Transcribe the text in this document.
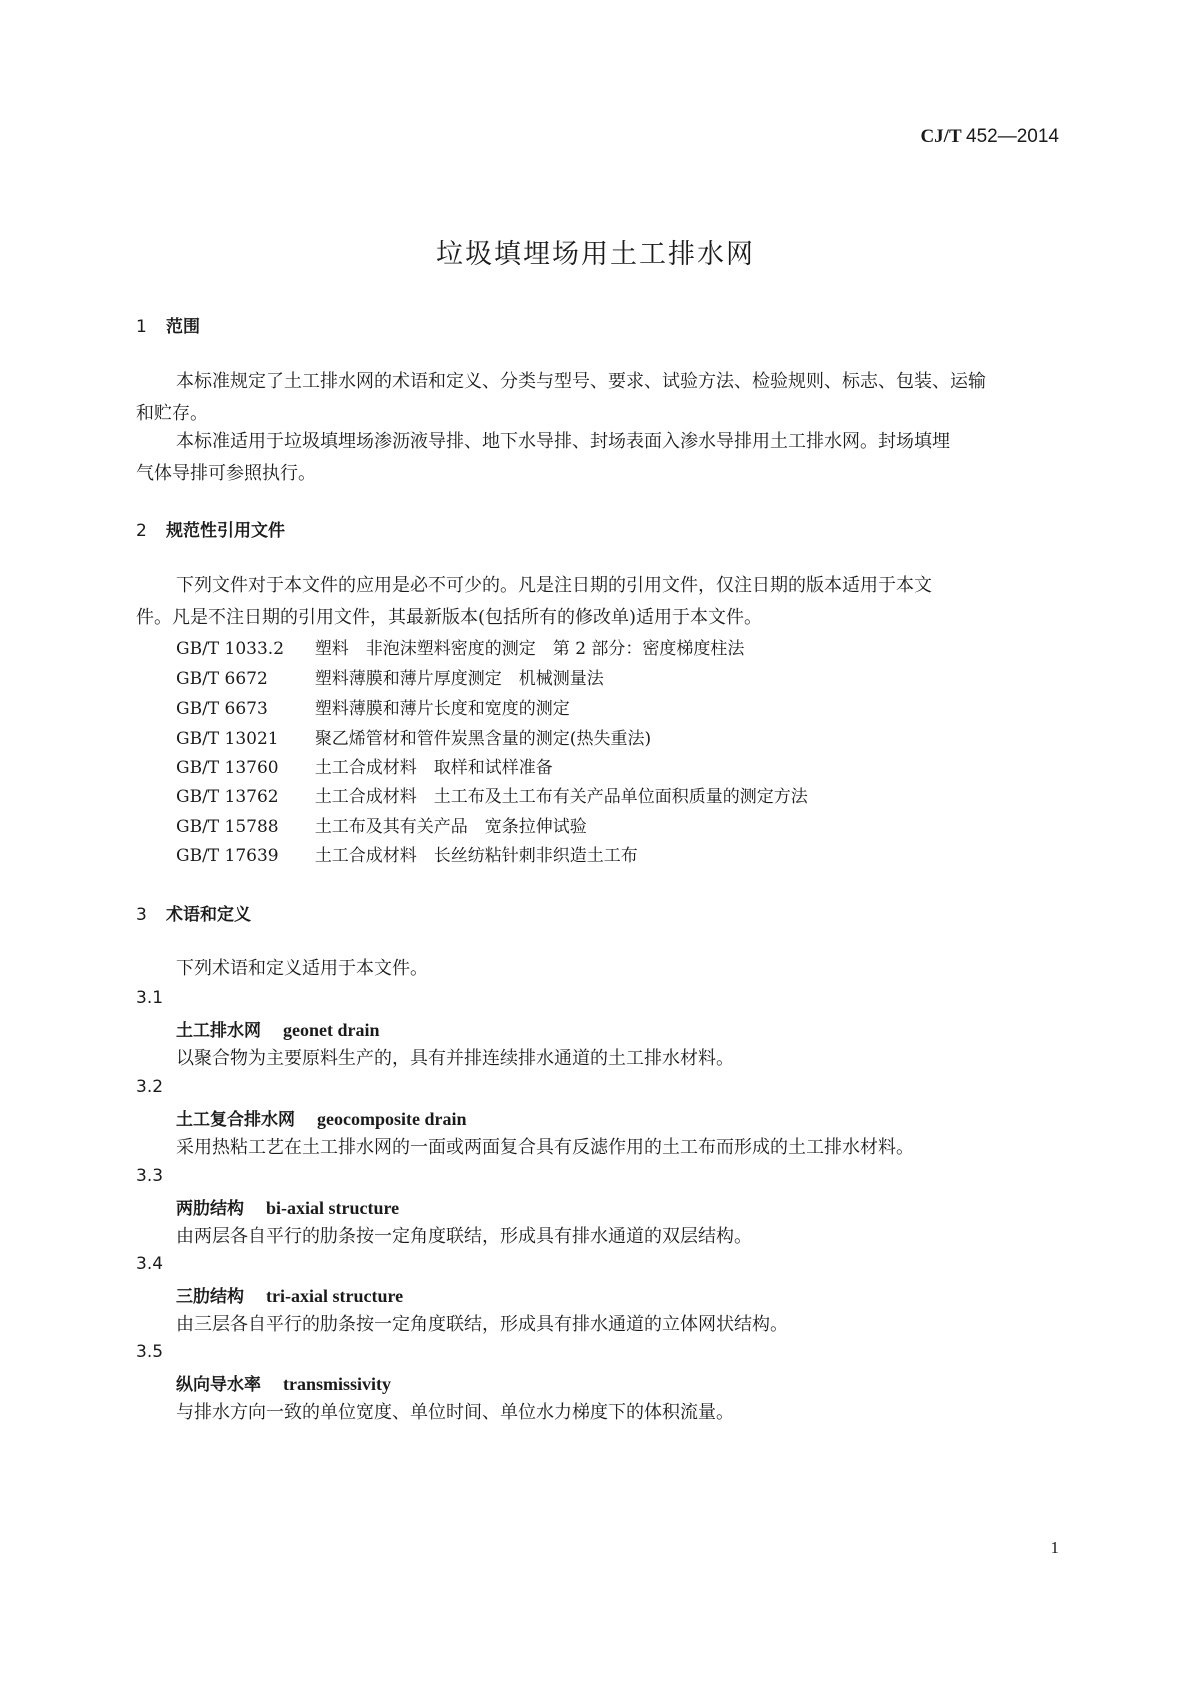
CJ/T 452—2014
垃圾填埋场用土工排水网
1 范围
本标准规定了土工排水网的术语和定义、分类与型号、要求、试验方法、检验规则、标志、包装、运输
和贮存。
本标准适用于垃圾填埋场渗沥液导排、地下水导排、封场表面入渗水导排用土工排水网。封场填埋
气体导排可参照执行。
2 规范性引用文件
下列文件对于本文件的应用是必不可少的。凡是注日期的引用文件，仅注日期的版本适用于本文
件。凡是不注日期的引用文件，其最新版本(包括所有的修改单)适用于本文件。
GB/T 1033.2 塑料　非泡沫塑料密度的测定　第 2 部分：密度梯度柱法
GB/T 6672	塑料薄膜和薄片厚度测定　机械测量法
GB/T 6673	塑料薄膜和薄片长度和宽度的测定
GB/T 13021 聚乙烯管材和管件炭黑含量的测定(热失重法)
GB/T 13760 土工合成材料　取样和试样准备
GB/T 13762 土工合成材料　土工布及土工布有关产品单位面积质量的测定方法
GB/T 15788 土工布及其有关产品　宽条拉伸试验
GB/T 17639 土工合成材料　长丝纺粘针刺非织造土工布
3 术语和定义
下列术语和定义适用于本文件。
3.1
土工排水网 geonet drain
以聚合物为主要原料生产的，具有并排连续排水通道的土工排水材料。
3.2
土工复合排水网 geocomposite drain
采用热粘工艺在土工排水网的一面或两面复合具有反滤作用的土工布而形成的土工排水材料。
3.3
两肋结构 bi-axial structure
由两层各自平行的肋条按一定角度联结，形成具有排水通道的双层结构。
3.4
三肋结构 tri-axial structure
由三层各自平行的肋条按一定角度联结，形成具有排水通道的立体网状结构。
3.5
纵向导水率 transmissivity
与排水方向一致的单位宽度、单位时间、单位水力梯度下的体积流量。
1
